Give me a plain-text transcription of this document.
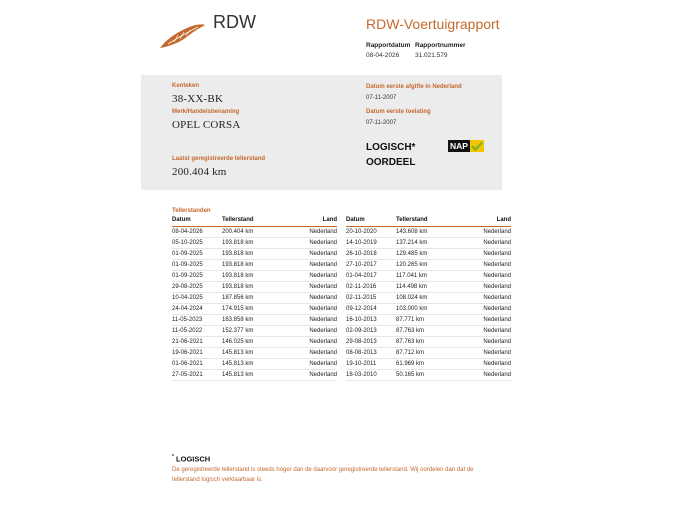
RDW	RDW-Voertuigrapport
Rapportdatum
08-04-2026
Rapportnummer
31.021.579
Kenteken
38-XX-BK
Merk/Handelsbenaming
OPEL CORSA
Laatst geregistreerde tellerstand
200.404 km
Datum eerste afgifte in Nederland
07-11-2007
Datum eerste toelating
07-11-2007
LOGISCH*
OORDEEL
NAP
Tellerstanden
Datum	Tellerstand	Land
08-04-2026	200.404 km	Nederland
05-10-2025	193.818 km	Nederland
01-09-2025	193.818 km	Nederland
01-09-2025	193.818 km	Nederland
01-09-2025	193.818 km	Nederland
29-08-2025	193.818 km	Nederland
10-04-2025	187.856 km	Nederland
24-04-2024	174.915 km	Nederland
11-05-2023	163.858 km	Nederland
11-05-2022	152.377 km	Nederland
21-06-2021	146.025 km	Nederland
19-06-2021	145.813 km	Nederland
01-06-2021	145.813 km	Nederland
27-05-2021	145.813 km	Nederland
Datum	Tellerstand	Land
20-10-2020	143.608 km	Nederland
14-10-2019	137.214 km	Nederland
26-10-2018	129.485 km	Nederland
27-10-2017	120.265 km	Nederland
01-04-2017	117.041 km	Nederland
02-11-2016	114.498 km	Nederland
02-11-2015	108.024 km	Nederland
09-12-2014	103.000 km	Nederland
16-10-2013	87.771 km	Nederland
02-09-2013	87.763 km	Nederland
29-08-2013	87.763 km	Nederland
08-08-2013	87.712 km	Nederland
19-10-2011	61.969 km	Nederland
18-03-2010	50.165 km	Nederland
* LOGISCH
De geregistreerde tellerstand is steeds hoger dan de daarvoor geregistreerde tellerstand. Wij oordelen dan dat de tellerstand logisch verklaarbaar is.
